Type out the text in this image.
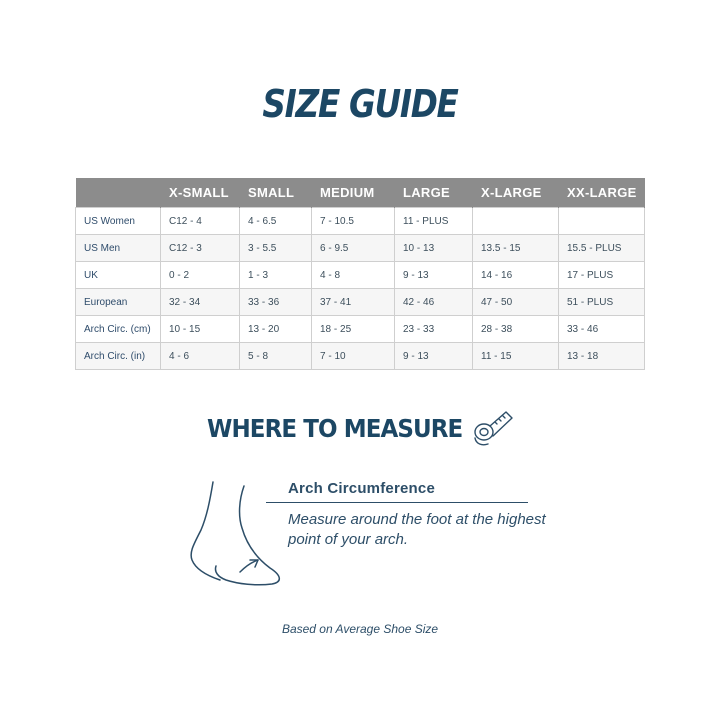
SIZE GUIDE
	X-SMALL	SMALL	MEDIUM	LARGE	X-LARGE	XX-LARGE
US Women	C12 - 4	4 - 6.5	7 - 10.5	11 - PLUS		
US Men	C12 - 3	3 - 5.5	6 - 9.5	10 - 13	13.5 - 15	15.5 - PLUS
UK	0 - 2	1 - 3	4 - 8	9 - 13	14 - 16	17 - PLUS
European	32 - 34	33 - 36	37 - 41	42 - 46	47 - 50	51 - PLUS
Arch Circ. (cm)	10 - 15	13 - 20	18 - 25	23 - 33	28 - 38	33 - 46
Arch Circ. (in)	4 - 6	5 - 8	7 - 10	9 - 13	11 - 15	13 - 18
WHERE TO MEASURE
Arch Circumference
Measure around the foot at the highest point of your arch.
Based on Average Shoe Size
